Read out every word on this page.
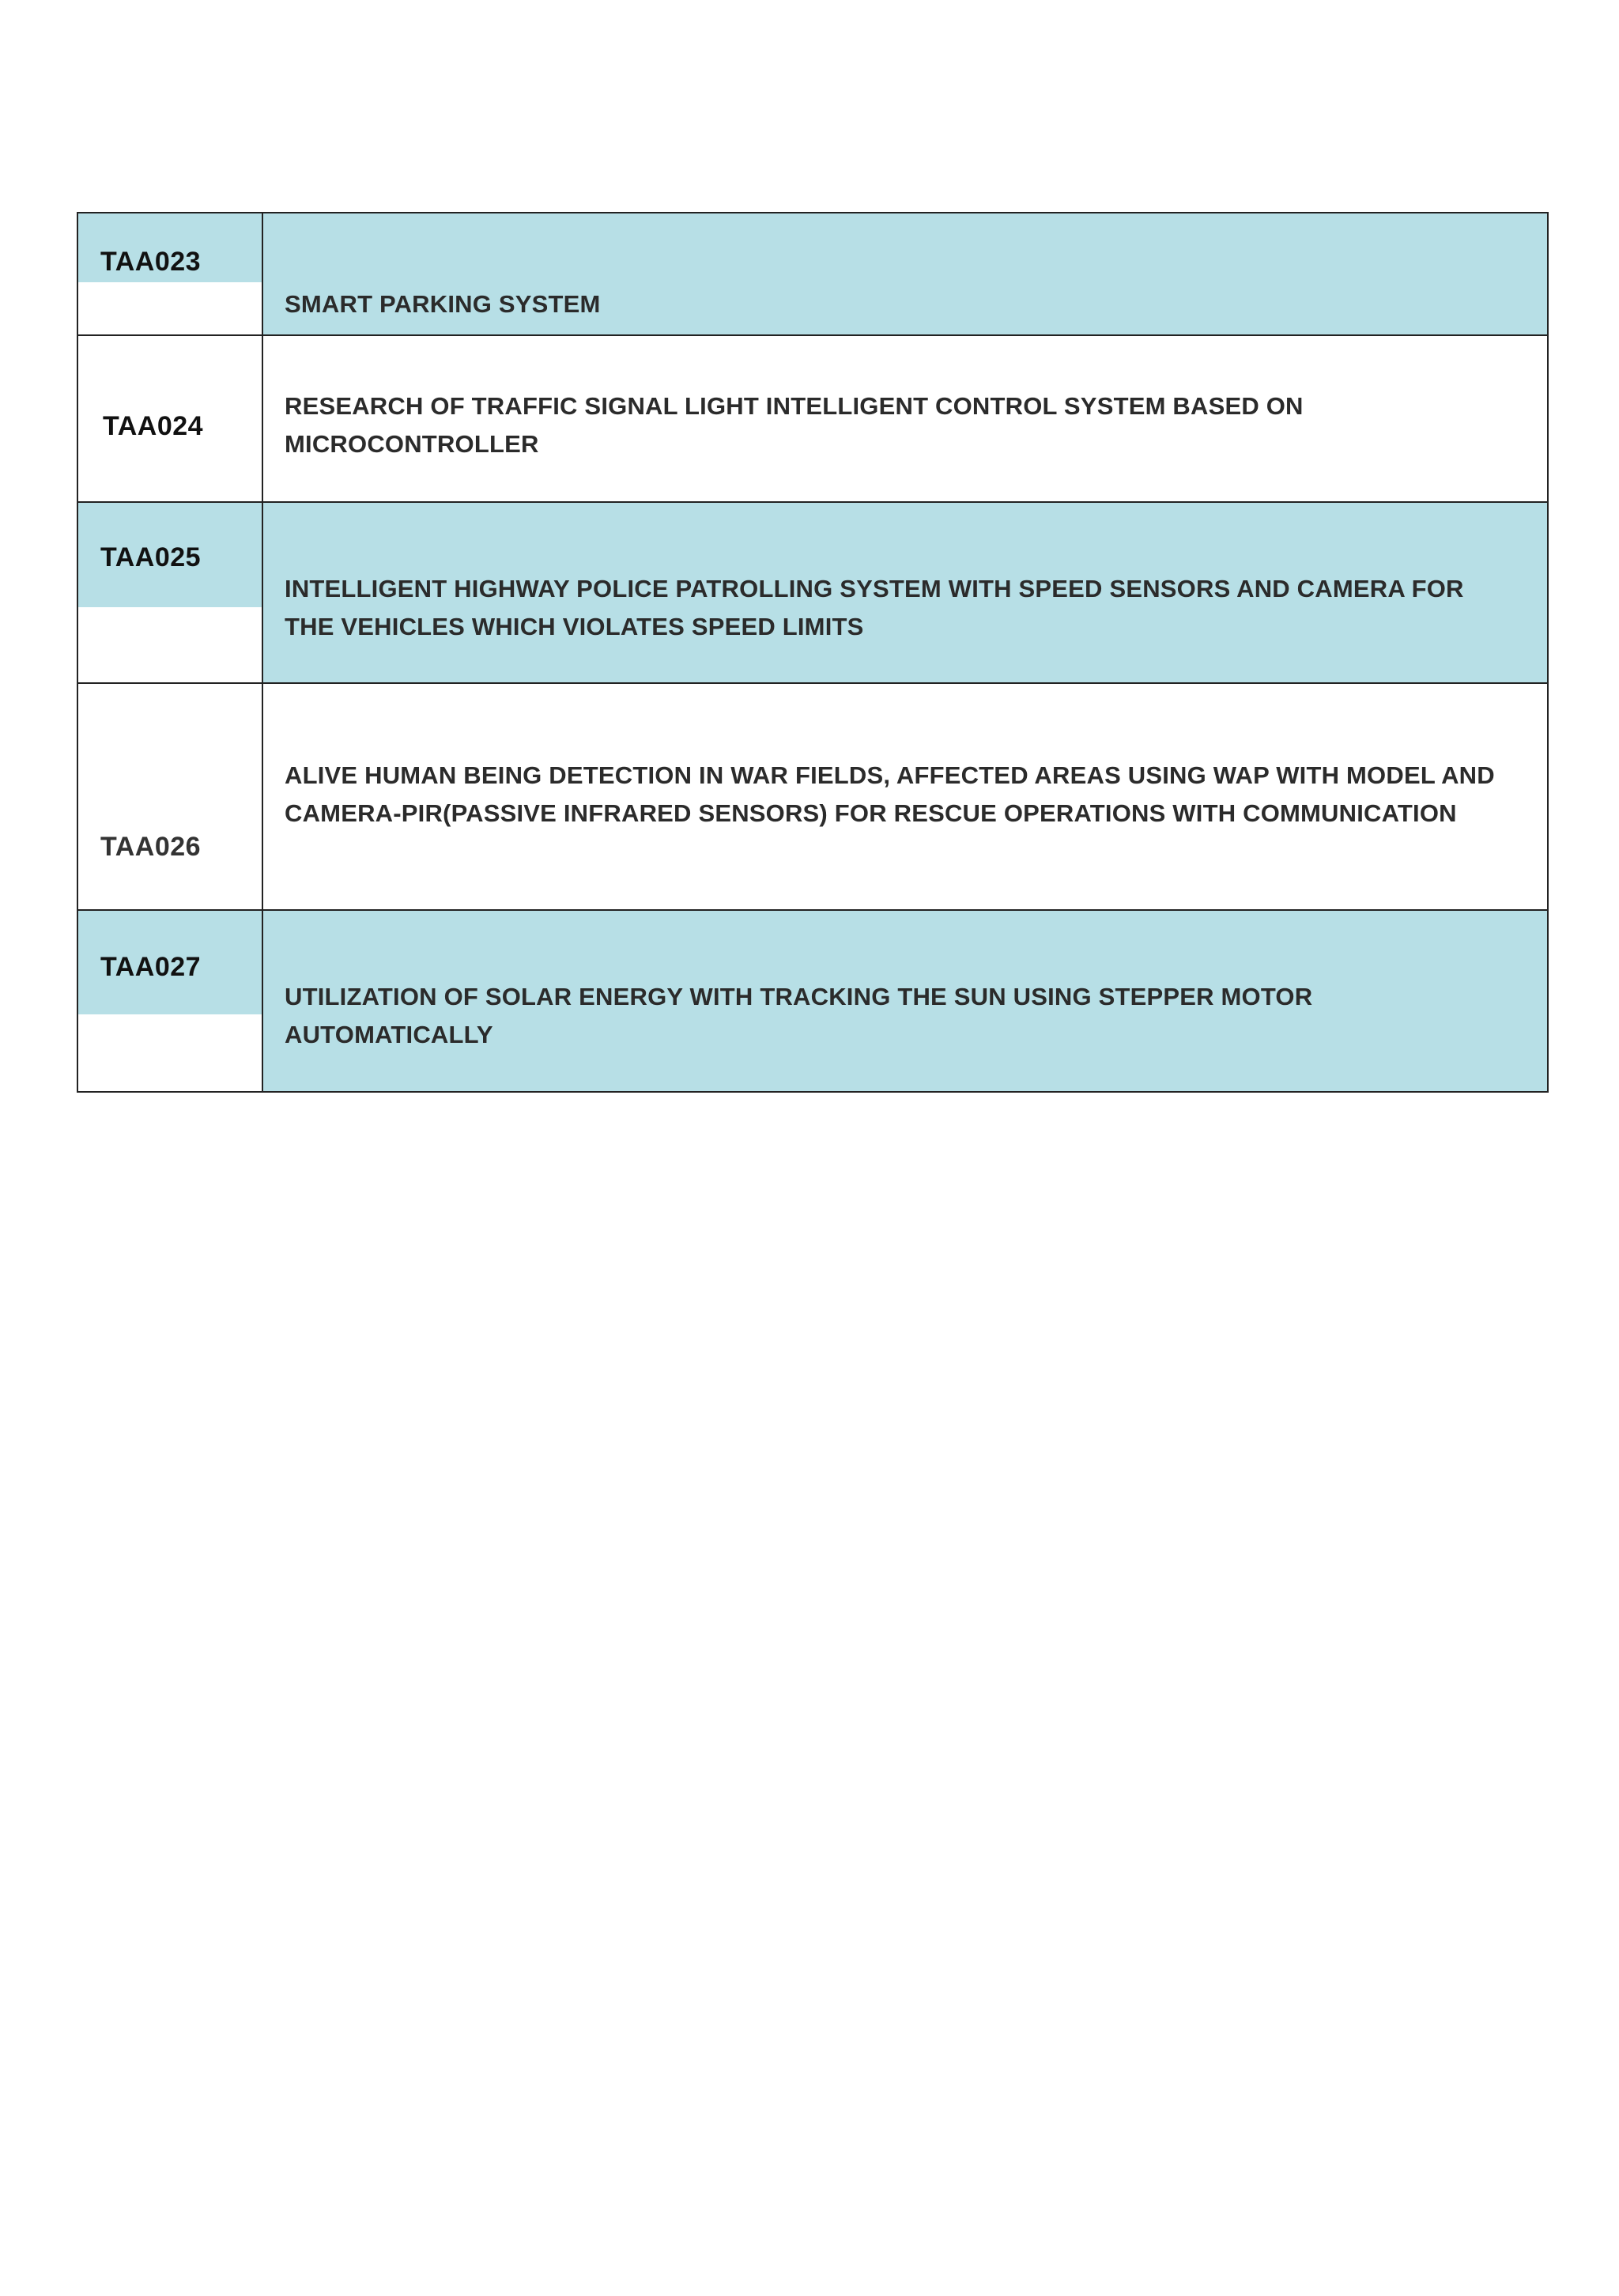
TAA023	SMART PARKING SYSTEM

TAA024	RESEARCH OF TRAFFIC SIGNAL LIGHT INTELLIGENT CONTROL SYSTEM BASED ON MICROCONTROLLER

TAA025	INTELLIGENT HIGHWAY POLICE PATROLLING SYSTEM WITH SPEED SENSORS AND CAMERA FOR THE VEHICLES WHICH VIOLATES SPEED LIMITS

TAA026	ALIVE HUMAN BEING DETECTION IN WAR FIELDS, AFFECTED AREAS USING WAP WITH MODEL AND CAMERA-PIR(PASSIVE INFRARED SENSORS) FOR RESCUE OPERATIONS WITH COMMUNICATION

TAA027	UTILIZATION OF SOLAR ENERGY WITH TRACKING THE SUN USING STEPPER MOTOR AUTOMATICALLY
